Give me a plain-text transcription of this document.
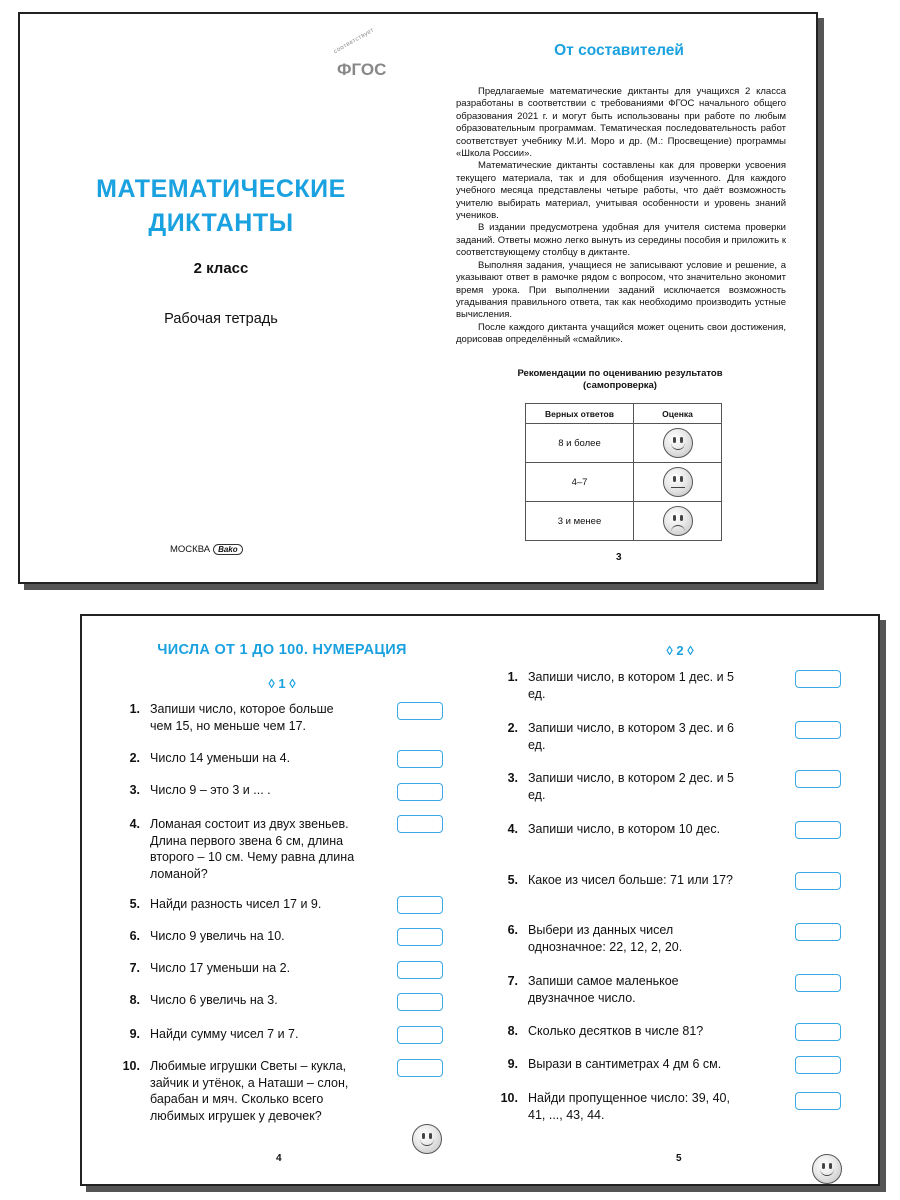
соответствует
ФГОС
МАТЕМАТИЧЕСКИЕ
ДИКТАНТЫ
2 класс
Рабочая тетрадь
МОСКВА Bako
От составителей

Предлагаемые математические диктанты для учащихся 2 класса разработаны в соответствии с требованиями ФГОС начального общего образования 2021 г. и могут быть использованы при работе по любым образовательным программам. Тематическая последовательность работ соответствует учебнику М.И. Моро и др. (М.: Просвещение) программы «Школа России».

Математические диктанты составлены как для проверки усвоения текущего материала, так и для обобщения изученного. Для каждого учебного месяца представлены четыре работы, что даёт возможность учителю выбирать материал, учитывая особенности и уровень знаний учеников.

В издании предусмотрена удобная для учителя система проверки заданий. Ответы можно легко вынуть из середины пособия и приложить к соответствующему столбцу в диктанте.

Выполняя задания, учащиеся не записывают условие и решение, а указывают ответ в рамочке рядом с вопросом, что значительно экономит время урока. При выполнении заданий исключается возможность угадывания правильного ответа, так как необходимо производить устные вычисления.

После каждого диктанта учащийся может оценить свои достижения, дорисовав определённый «смайлик».

Рекомендации по оцениванию результатов
(самопроверка)
Верных ответов	Оценка
8 и более	

4–7	

3 и менее	
3
ЧИСЛА ОТ 1 ДО 100. НУМЕРАЦИЯ
◊ 1 ◊
1. Запиши число, которое больше чем 15, но меньше чем 17.
2. Число 14 уменьши на 4.
3. Число 9 – это 3 и ... .
4. Ломаная состоит из двух звеньев. Длина первого звена 6 см, длина второго – 10 см. Чему равна длина ломаной?
5. Найди разность чисел 17 и 9.
6. Число 9 увеличь на 10.
7. Число 17 уменьши на 2.
8. Число 6 увеличь на 3.
9. Найди сумму чисел 7 и 7.
10. Любимые игрушки Светы – кукла, зайчик и утёнок, а Наташи – слон, барабан и мяч. Сколько всего любимых игрушек у девочек?
4
◊ 2 ◊
1. Запиши число, в котором 1 дес. и 5 ед.
2. Запиши число, в котором 3 дес. и 6 ед.
3. Запиши число, в котором 2 дес. и 5 ед.
4. Запиши число, в котором 10 дес.
5. Какое из чисел больше: 71 или 17?
6. Выбери из данных чисел однозначное: 22, 12, 2, 20.
7. Запиши самое маленькое двузначное число.
8. Сколько десятков в числе 81?
9. Вырази в сантиметрах 4 дм 6 см.
10. Найди пропущенное число: 39, 40, 41, ..., 43, 44.
5
